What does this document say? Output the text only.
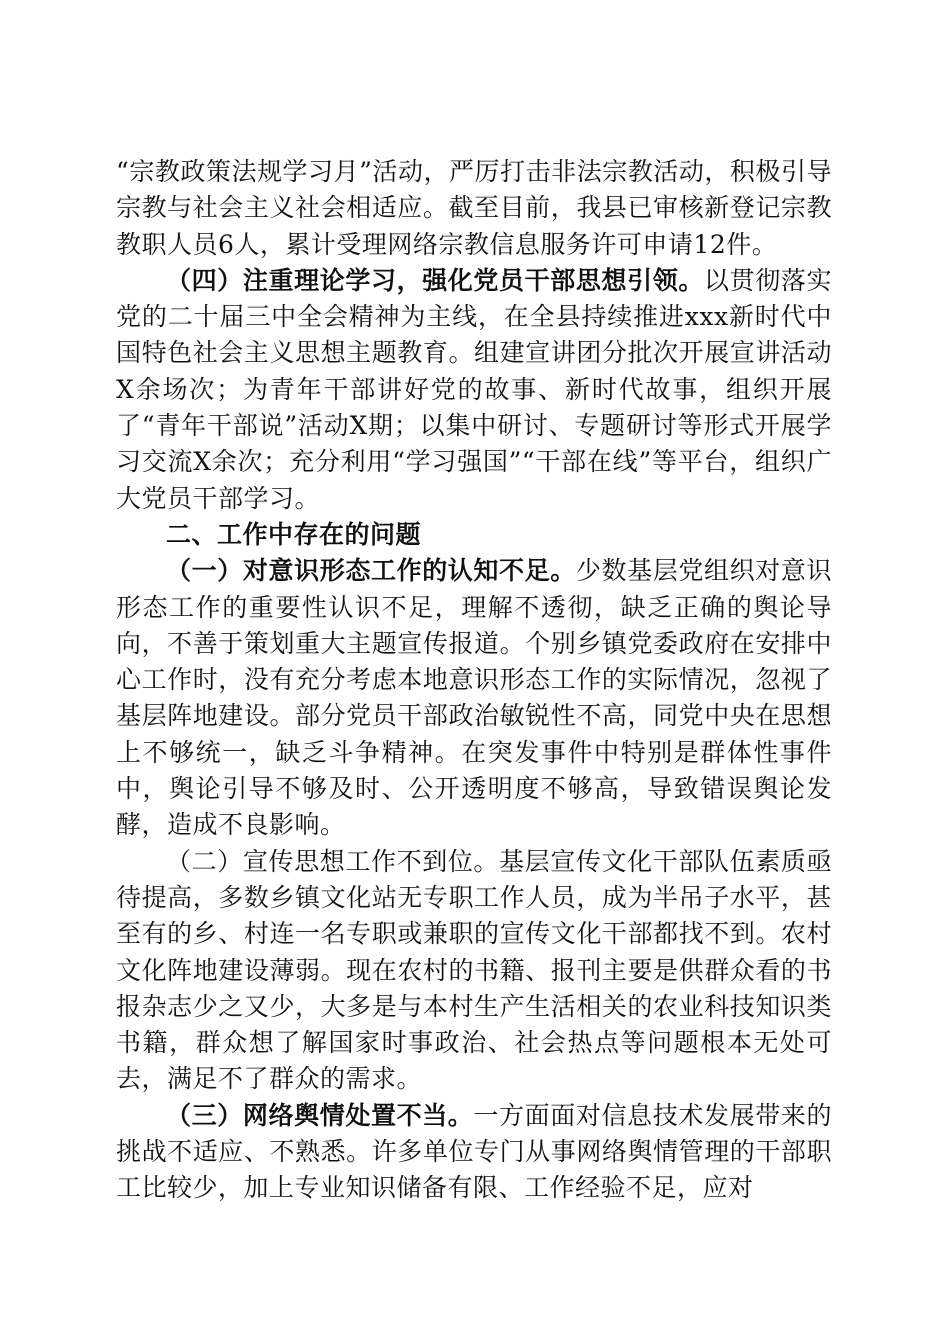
“宗教政策法规学习月”活动，严厉打击非法宗教活动，积极引导宗教与社会主义社会相适应。截至目前，我县已审核新登记宗教教职人员6人，累计受理网络宗教信息服务许可申请12件。

（四）注重理论学习，强化党员干部思想引领。以贯彻落实党的二十届三中全会精神为主线，在全县持续推进xxx新时代中国特色社会主义思想主题教育。组建宣讲团分批次开展宣讲活动X余场次；为青年干部讲好党的故事、新时代故事，组织开展了“青年干部说”活动X期；以集中研讨、专题研讨等形式开展学习交流X余次；充分利用“学习强国”“干部在线”等平台，组织广大党员干部学习。

二、工作中存在的问题

（一）对意识形态工作的认知不足。少数基层党组织对意识形态工作的重要性认识不足，理解不透彻，缺乏正确的舆论导向，不善于策划重大主题宣传报道。个别乡镇党委政府在安排中心工作时，没有充分考虑本地意识形态工作的实际情况，忽视了基层阵地建设。部分党员干部政治敏锐性不高，同党中央在思想上不够统一，缺乏斗争精神。在突发事件中特别是群体性事件中，舆论引导不够及时、公开透明度不够高，导致错误舆论发酵，造成不良影响。

（二）宣传思想工作不到位。基层宣传文化干部队伍素质亟待提高，多数乡镇文化站无专职工作人员，成为半吊子水平，甚至有的乡、村连一名专职或兼职的宣传文化干部都找不到。农村文化阵地建设薄弱。现在农村的书籍、报刊主要是供群众看的书报杂志少之又少，大多是与本村生产生活相关的农业科技知识类书籍，群众想了解国家时事政治、社会热点等问题根本无处可去，满足不了群众的需求。

（三）网络舆情处置不当。一方面面对信息技术发展带来的挑战不适应、不熟悉。许多单位专门从事网络舆情管理的干部职工比较少，加上专业知识储备有限、工作经验不足，应对
